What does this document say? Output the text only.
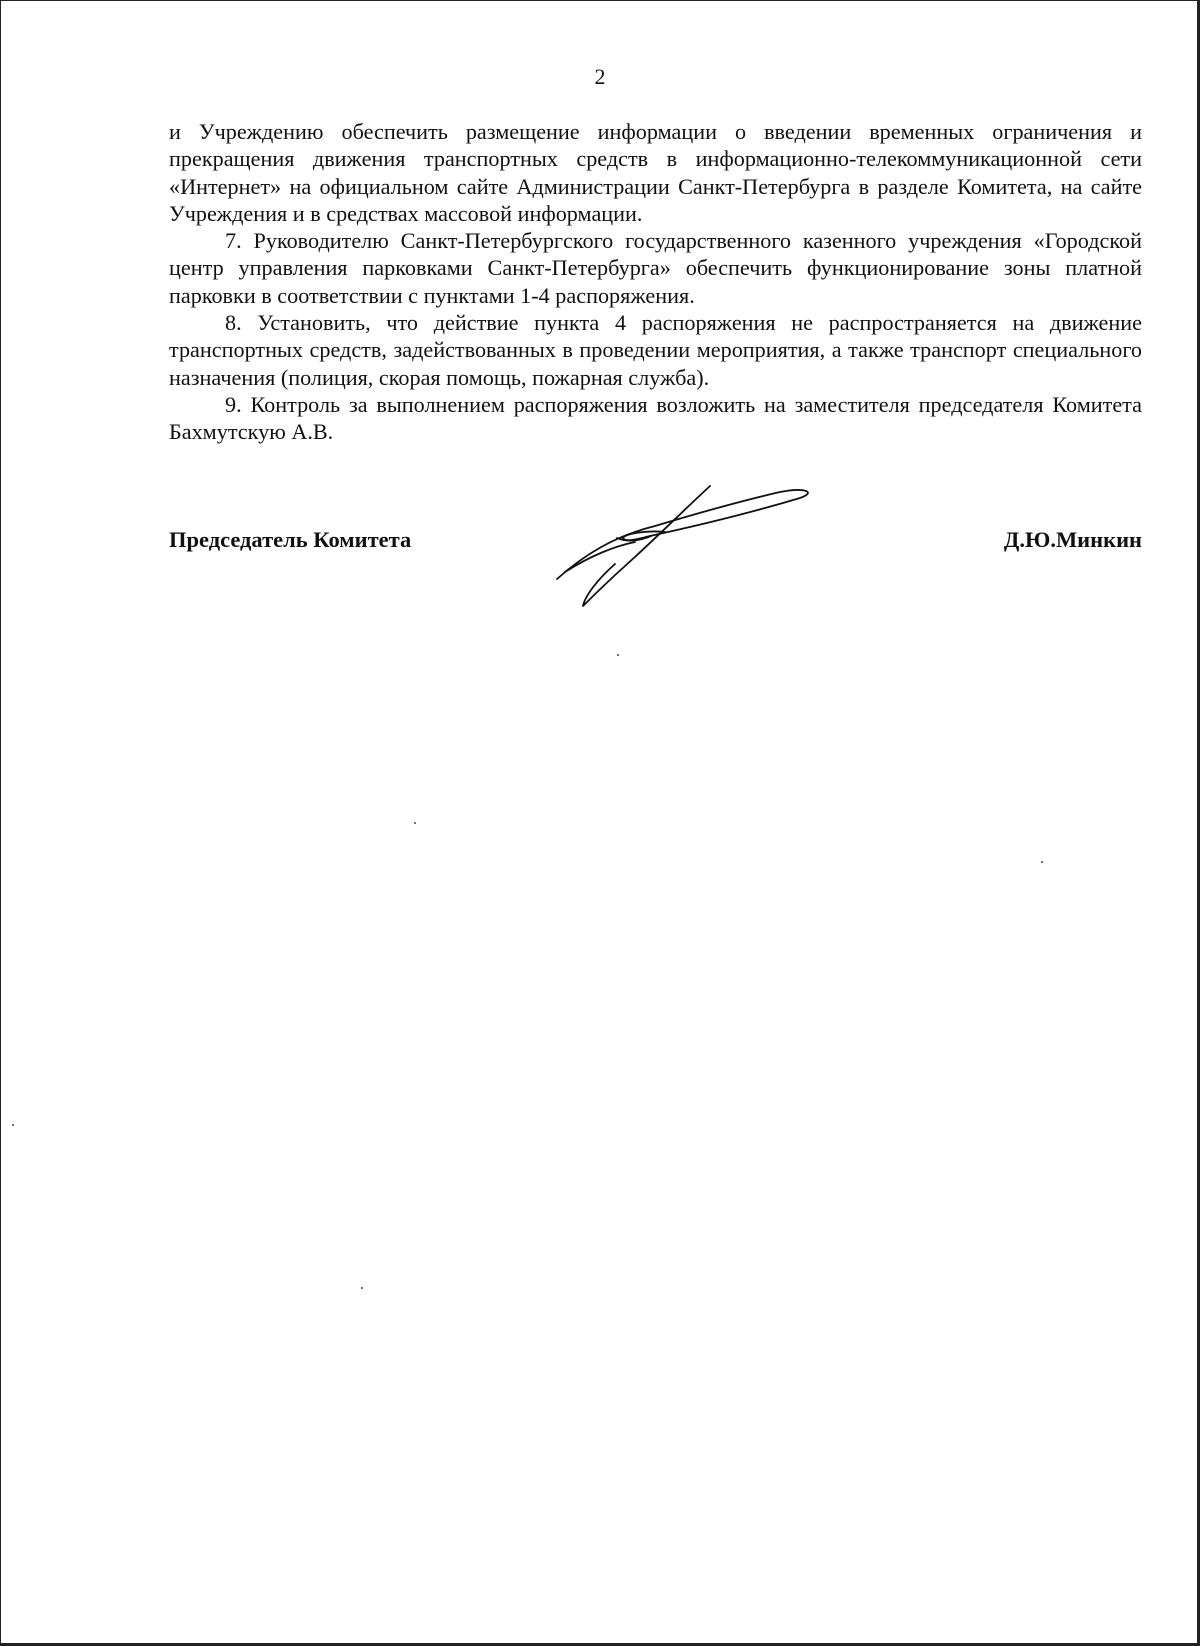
2

и Учреждению обеспечить размещение информации о введении временных ограничения и прекращения движения транспортных средств в информационно-телекоммуникационной сети «Интернет» на официальном сайте Администрации Санкт-Петербурга в разделе Комитета, на сайте Учреждения и в средствах массовой информации.

7. Руководителю Санкт-Петербургского государственного казенного учреждения «Городской центр управления парковками Санкт-Петербурга» обеспечить функционирование зоны платной парковки в соответствии с пунктами 1-4 распоряжения.

8. Установить, что действие пункта 4 распоряжения не распространяется на движение транспортных средств, задействованных в проведении мероприятия, а также транспорт специального назначения (полиция, скорая помощь, пожарная служба).

9. Контроль за выполнением распоряжения возложить на заместителя председателя Комитета Бахмутскую А.В.

Председатель Комитета	Д.Ю.Минкин
